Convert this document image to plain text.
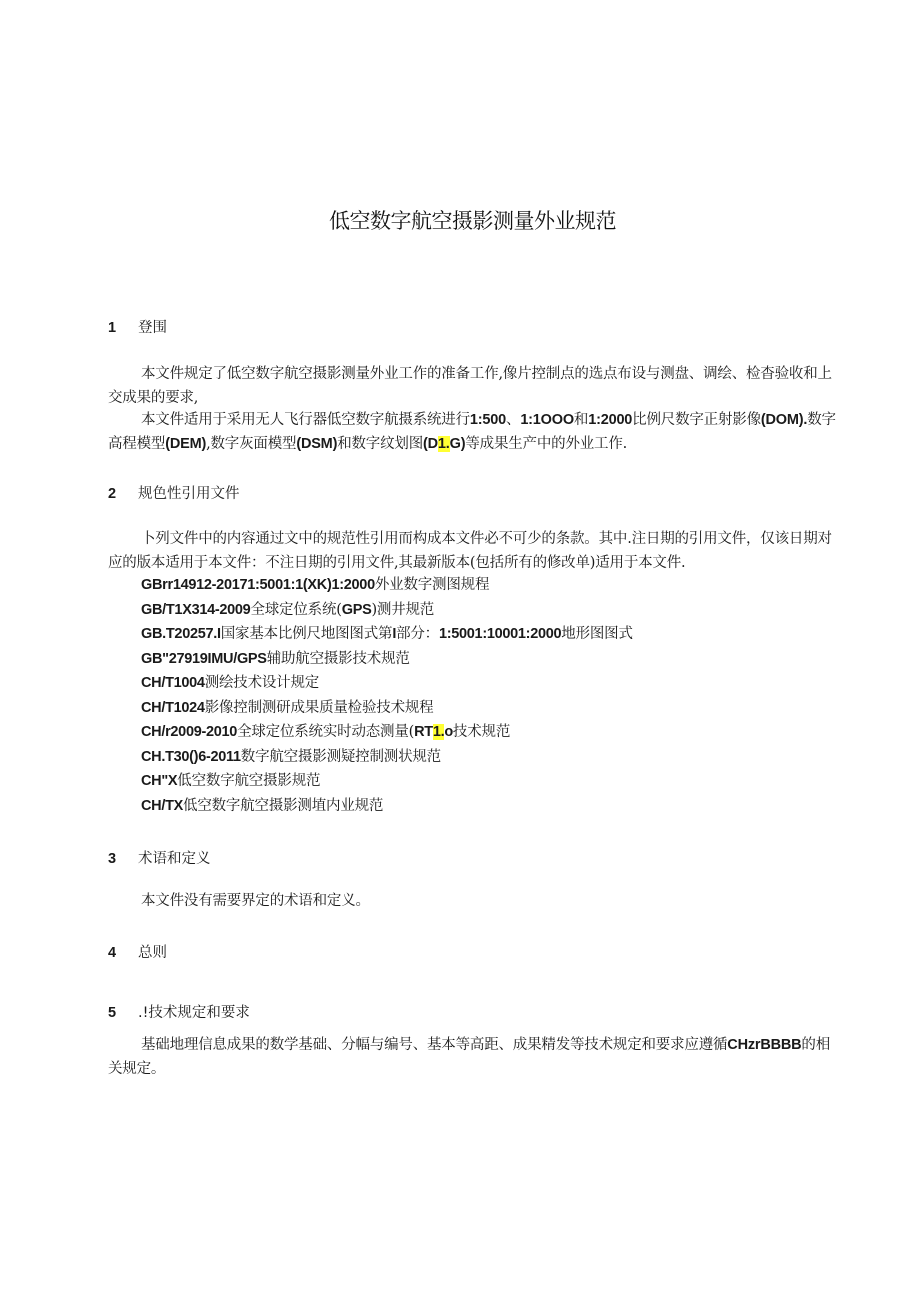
低空数字航空摄影测量外业规范
1 登围
本文件规定了低空数字航空摄影测量外业工作的准备工作,像片控制点的选点布设与测盘、调绘、检杳验收和上交成果的要求,
本文件适用于采用无人飞行器低空数字航摄系统进行1:500、1:1OOO和1:2000比例尺数字正射影像(DOM).数字高程模型(DEM),数字灰面模型(DSM)和数字纹划图(D1.G)等成果生产中的外业工作.
2 规色性引用文件
卜列文件中的内容通过文中的规范性引用而构成本文件必不可少的条款。其中.注日期的引用文件，仅该日期对应的版本适用于本文件：不注日期的引用文件,其最新版本(包括所有的修改单)适用于本文件.
GBrr14912-20171:5001:1(XK)1:2000外业数字测图规程
GB/T1X314-2009全球定位系统(GPS)测井规范
GB.T20257.I国家基本比例尺地图图式第I部分：1:5001:10001:2000地形图图式
GB"27919IMU/GPS辅助航空摄影技术规范
CH/T1004测绘技术设计规定
CH/T1024影像控制测研成果质量检验技术规程
CH/r2009-2010全球定位系统实时动态测量(RT1.o技术规范
CH.T30()6-2011数字航空摄影测疑控制测状规范
CH"X低空数字航空摄影规范
CH/TX低空数字航空摄影测埴内业规范
3 术语和定义
本文件没有需要界定的术语和定义。
4 总则
5 .!技术规定和要求
基础地理信息成果的数学基础、分幅与编号、基本等高距、成果精发等技术规定和要求应遵循CHzrBBBB的相关规定。
